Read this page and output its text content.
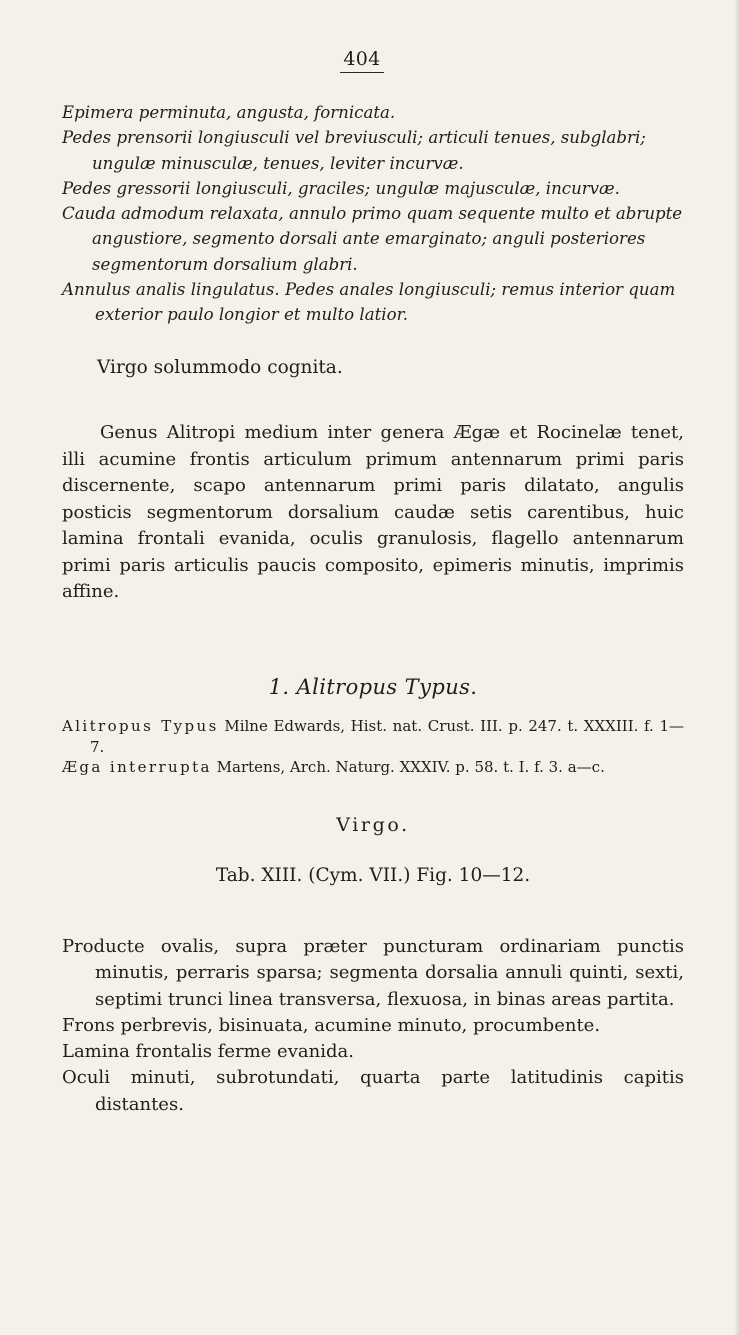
404

Epimera perminuta, angusta, fornicata.

Pedes prensorii longiusculi vel breviusculi; articuli tenues, subglabri; ungulæ minusculæ, tenues, leviter incurvæ.

Pedes gressorii longiusculi, graciles; ungulæ majusculæ, incurvæ.

Cauda admodum relaxata, annulo primo quam sequente multo et abrupte angustiore, segmento dorsali ante emarginato; anguli posteriores segmentorum dorsalium glabri.

Annulus analis lingulatus. Pedes anales longiusculi; remus interior quam exterior paulo longior et multo latior.

Virgo solummodo cognita.

Genus Alitropi medium inter genera Ægæ et Rocinelæ tenet, illi acumine frontis articulum primum antennarum primi paris discernente, scapo antennarum primi paris dilatato, angulis posticis segmentorum dorsalium caudæ setis carentibus, huic lamina frontali evanida, oculis granulosis, flagello antennarum primi paris articulis paucis composito, epimeris minutis, imprimis affine.

1. Alitropus Typus.

Alitropus Typus Milne Edwards, Hist. nat. Crust. III. p. 247. t. XXXIII. f. 1—7.

Æga interrupta Martens, Arch. Naturg. XXXIV. p. 58. t. I. f. 3. a—c.

Virgo.
Tab. XIII. (Cym. VII.) Fig. 10—12.

Producte ovalis, supra præter puncturam ordinariam punctis minutis, perraris sparsa; segmenta dorsalia annuli quinti, sexti, septimi trunci linea transversa, flexuosa, in binas areas partita.

Frons perbrevis, bisinuata, acumine minuto, procumbente.

Lamina frontalis ferme evanida.

Oculi minuti, subrotundati, quarta parte latitudinis capitis distantes.
